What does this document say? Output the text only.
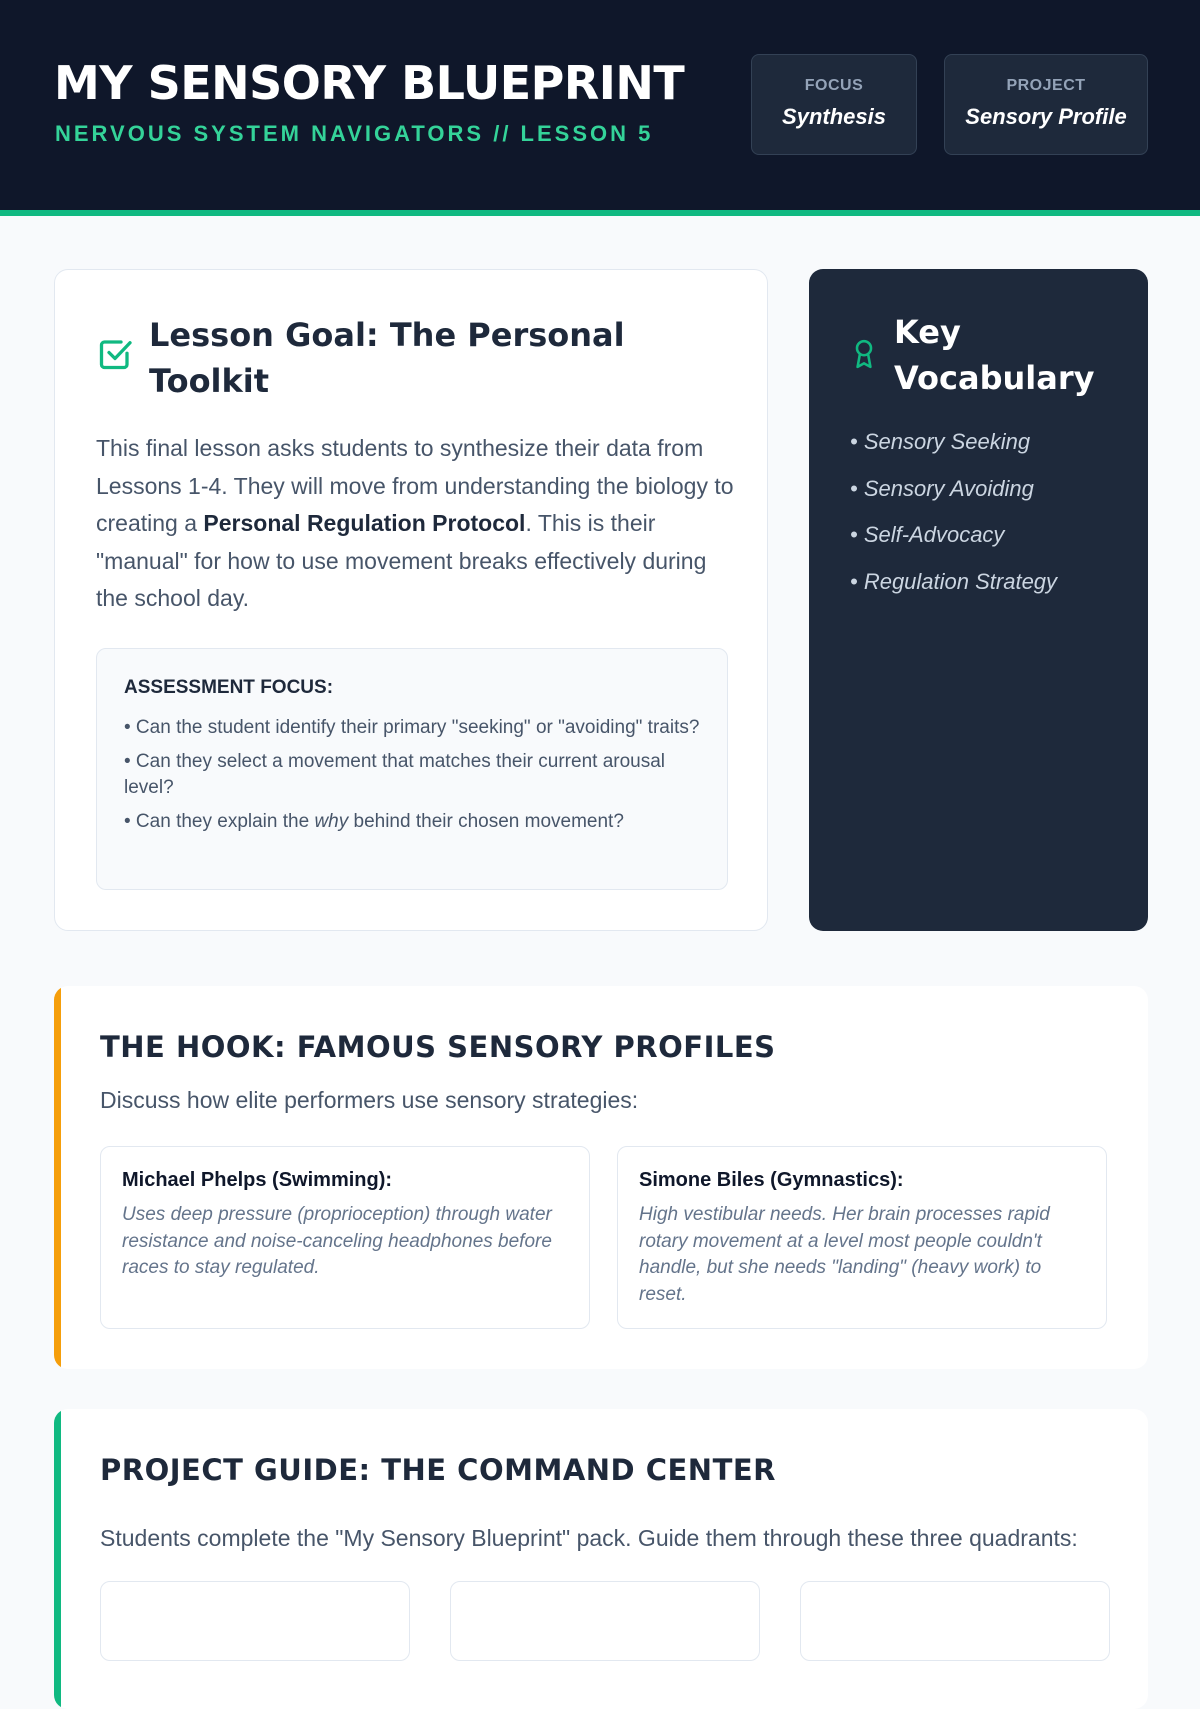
MY SENSORY BLUEPRINT
NERVOUS SYSTEM NAVIGATORS // LESSON 5
FOCUS
Synthesis
PROJECT
Sensory Profile
Lesson Goal: The Personal Toolkit

This final lesson asks students to synthesize their data from Lessons 1-4. They will move from understanding the biology to creating a Personal Regulation Protocol. This is their "manual" for how to use movement breaks effectively during the school day.

ASSESSMENT FOCUS:
• Can the student identify their primary "seeking" or "avoiding" traits?
• Can they select a movement that matches their current arousal level?
• Can they explain the why behind their chosen movement?
Key Vocabulary
• Sensory Seeking
• Sensory Avoiding
• Self-Advocacy
• Regulation Strategy
THE HOOK: FAMOUS SENSORY PROFILES
Discuss how elite performers use sensory strategies:
Michael Phelps (Swimming):
Uses deep pressure (proprioception) through water resistance and noise-canceling headphones before races to stay regulated.
Simone Biles (Gymnastics):
High vestibular needs. Her brain processes rapid rotary movement at a level most people couldn't handle, but she needs "landing" (heavy work) to reset.
PROJECT GUIDE: THE COMMAND CENTER
Students complete the "My Sensory Blueprint" pack. Guide them through these three quadrants:
